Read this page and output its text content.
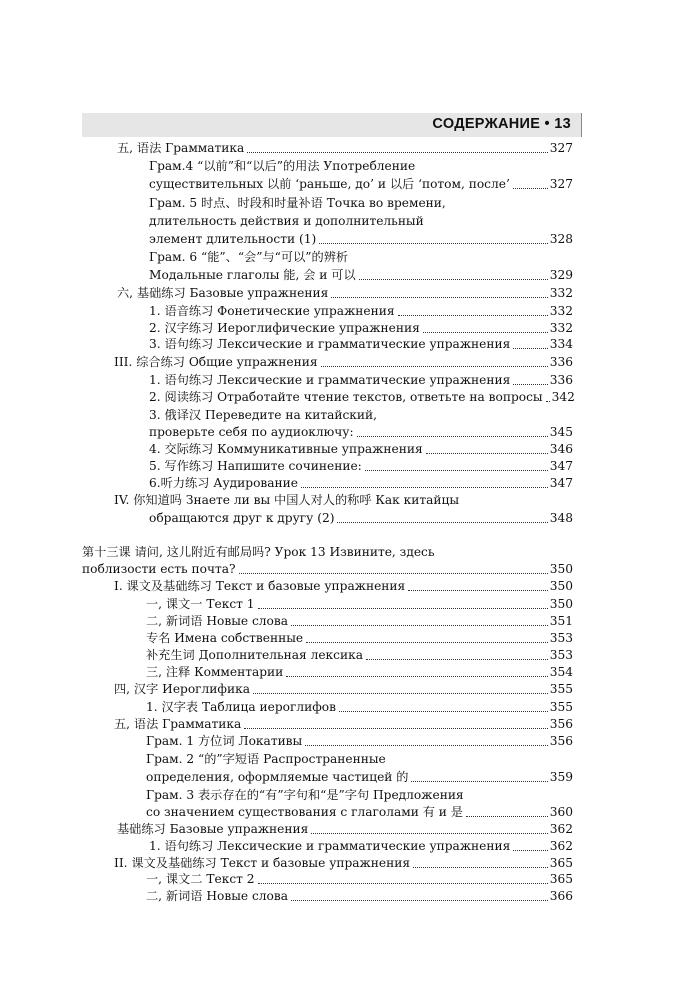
СОДЕРЖАНИЕ • 13
五, 语法 Грамматика	327
Грам.4 “以前”和“以后”的用法 Употребление
существительных 以前 ‘раньше, до’ и 以后 ‘потом, после’	327
Грам. 5 时点、时段和时量补语 Точка во времени,
длительность действия и дополнительный
элемент длительности (1)	328
Грам. 6 “能”、“会”与“可以”的辨析
Модальные глаголы 能, 会 и 可以	329
六, 基础练习 Базовые упражнения	332
1. 语音练习 Фонетические упражнения	332
2. 汉字练习 Иероглифические упражнения	332
3. 语句练习 Лексические и грамматические упражнения	334
III. 综合练习 Общие упражнения	336
1. 语句练习 Лексические и грамматические упражнения	336
2. 阅读练习 Отработайте чтение текстов, ответьте на вопросы 342
3. 俄译汉 Переведите на китайский,
проверьте себя по аудиоключу:	345
4. 交际练习 Коммуникативные упражнения	346
5. 写作练习 Напишите сочинение:	347
6.听力练习 Аудирование	347
IV. 你知道吗 Знаете ли вы 中国人对人的称呼 Как китайцы
обращаются друг к другу (2)	348
第十三课 请问, 这儿附近有邮局吗? Урок 13 Извините, здесь
поблизости есть почта?	350
I. 课文及基础练习 Текст и базовые упражнения	350
一, 课文一 Текст 1	350
二, 新词语 Новые слова	351
专名 Имена собственные	353
补充生词 Дополнительная лексика	353
三, 注释 Комментарии	354
四, 汉字 Иероглифика	355
1. 汉字表 Таблица иероглифов	355
五, 语法 Грамматика	356
Грам. 1 方位词 Локативы	356
Грам. 2 “的”字短语 Распространенные
определения, оформляемые частицей 的	359
Грам. 3 表示存在的“有”字句和“是”字句 Предложения
со значением существования с глаголами 有 и 是	360
基础练习 Базовые упражнения	362
1. 语句练习 Лексические и грамматические упражнения	362
II. 课文及基础练习 Текст и базовые упражнения	365
一, 课文二 Текст 2	365
二, 新词语 Новые слова	366
